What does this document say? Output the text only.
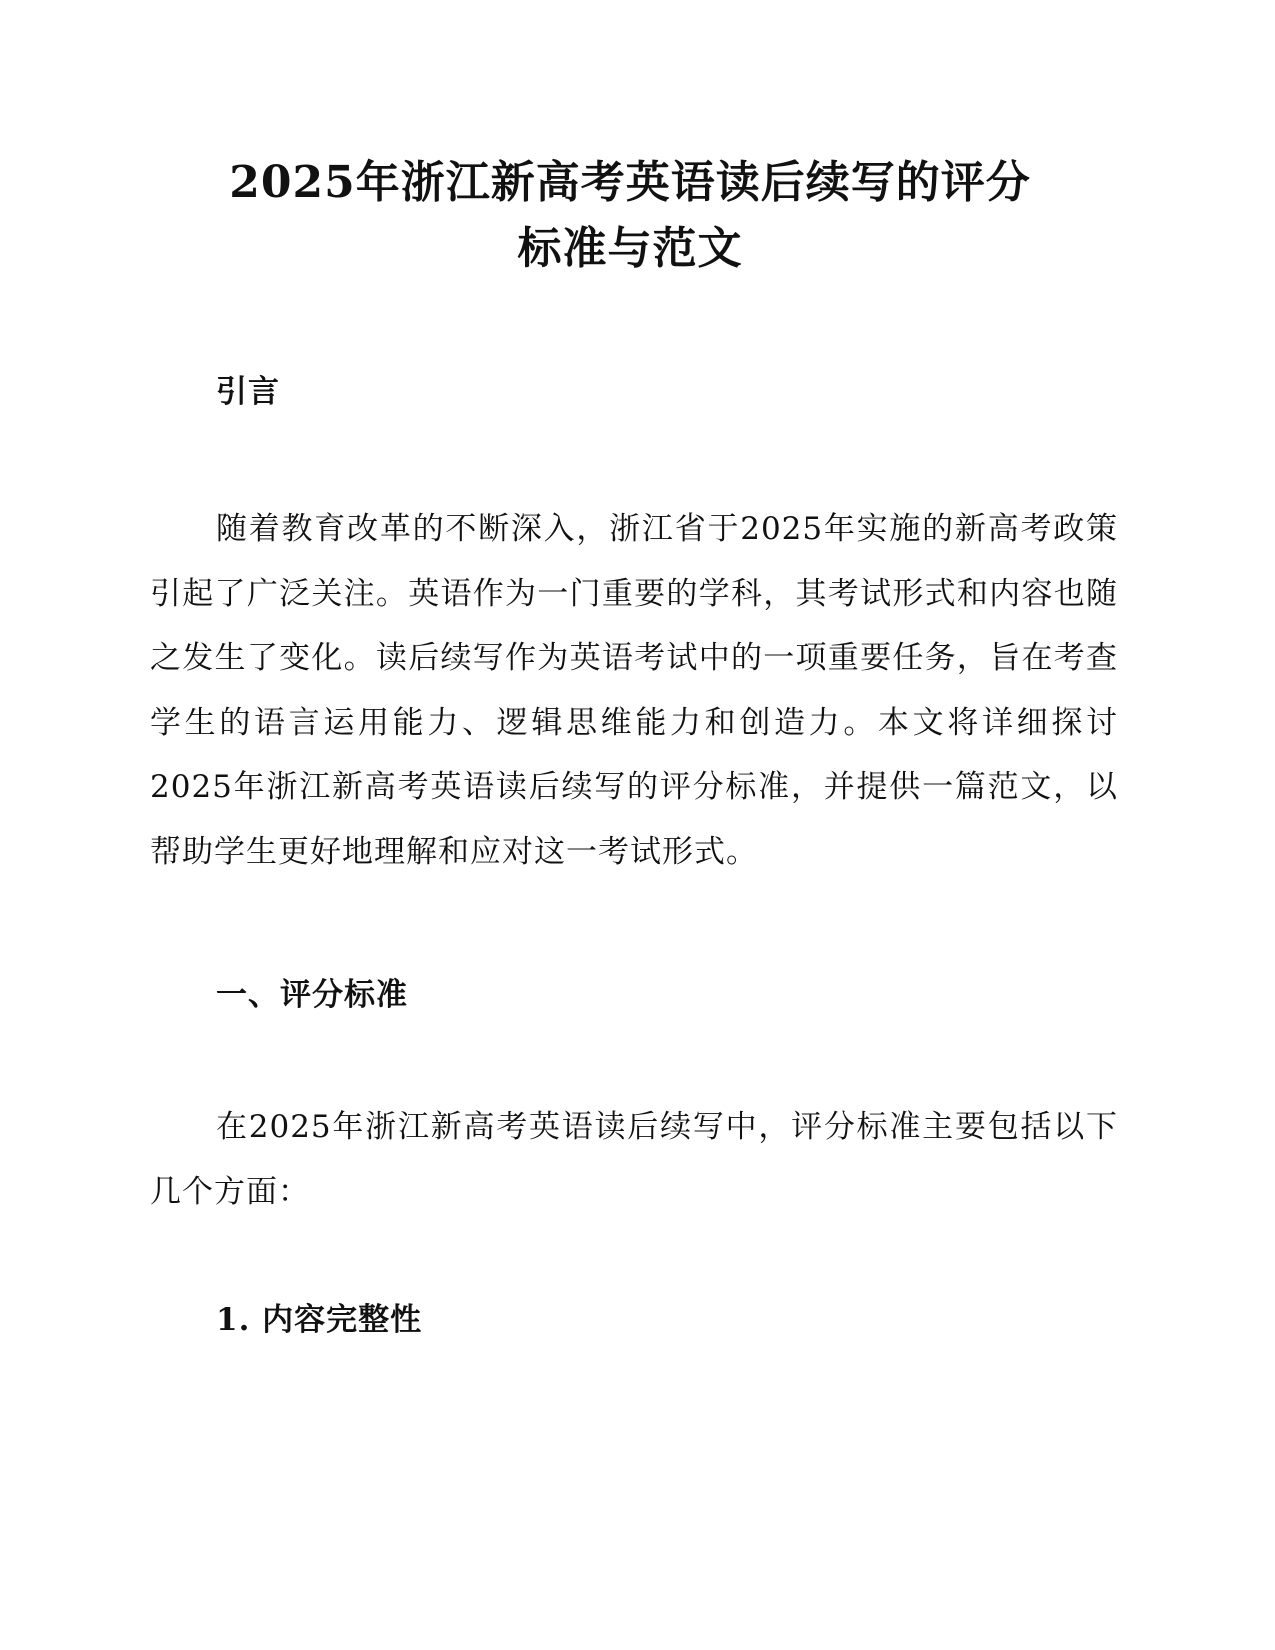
2025年浙江新高考英语读后续写的评分
标准与范文
引言

随着教育改革的不断深入，浙江省于2025年实施的新高考政策引起了广泛关注。英语作为一门重要的学科，其考试形式和内容也随之发生了变化。读后续写作为英语考试中的一项重要任务，旨在考查学生的语言运用能力、逻辑思维能力和创造力。本文将详细探讨2025年浙江新高考英语读后续写的评分标准，并提供一篇范文，以帮助学生更好地理解和应对这一考试形式。

一、评分标准

在2025年浙江新高考英语读后续写中，评分标准主要包括以下几个方面：

1. 内容完整性
